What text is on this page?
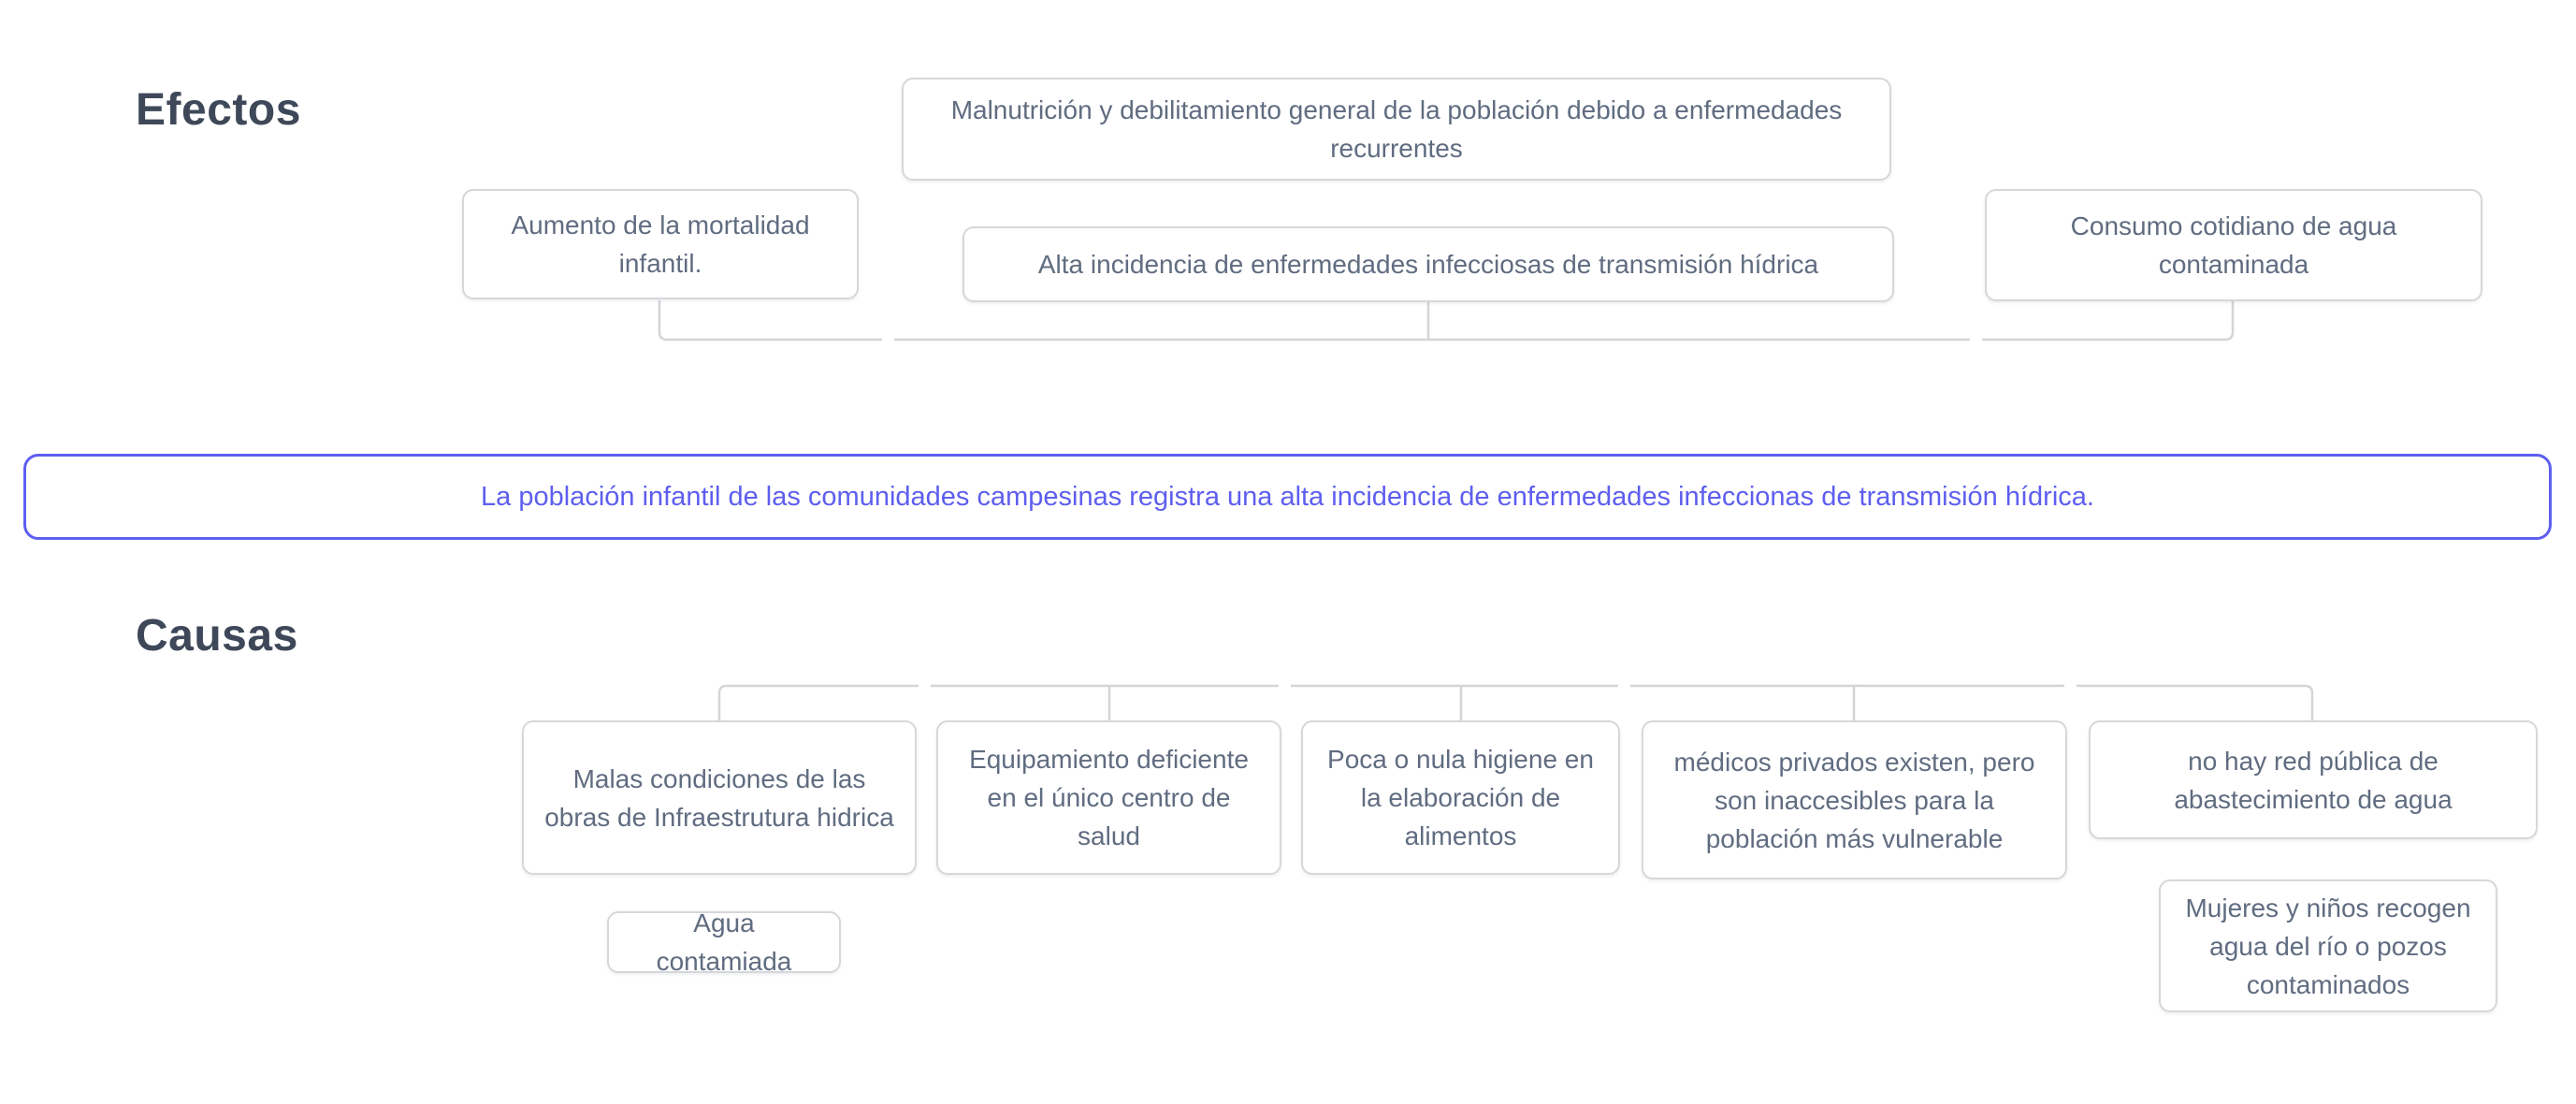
Efectos
Causas
Malnutrición y debilitamiento general de la población debido a enfermedades recurrentes
Aumento de la mortalidad infantil.	Alta incidencia de enfermedades infecciosas de transmisión hídrica
Consumo cotidiano de agua contaminada
La población infantil de las comunidades campesinas registra una alta incidencia de enfermedades infeccionas de transmisión hídrica.
Malas condiciones de las obras de Infraestrutura hidrica
Equipamiento deficiente en el único centro de salud
Poca o nula higiene en la elaboración de alimentos
médicos privados existen, pero son inaccesibles para la población más vulnerable
no hay red pública de abastecimiento de agua
Agua contamiada
Mujeres y niños recogen agua del río o pozos contaminados
